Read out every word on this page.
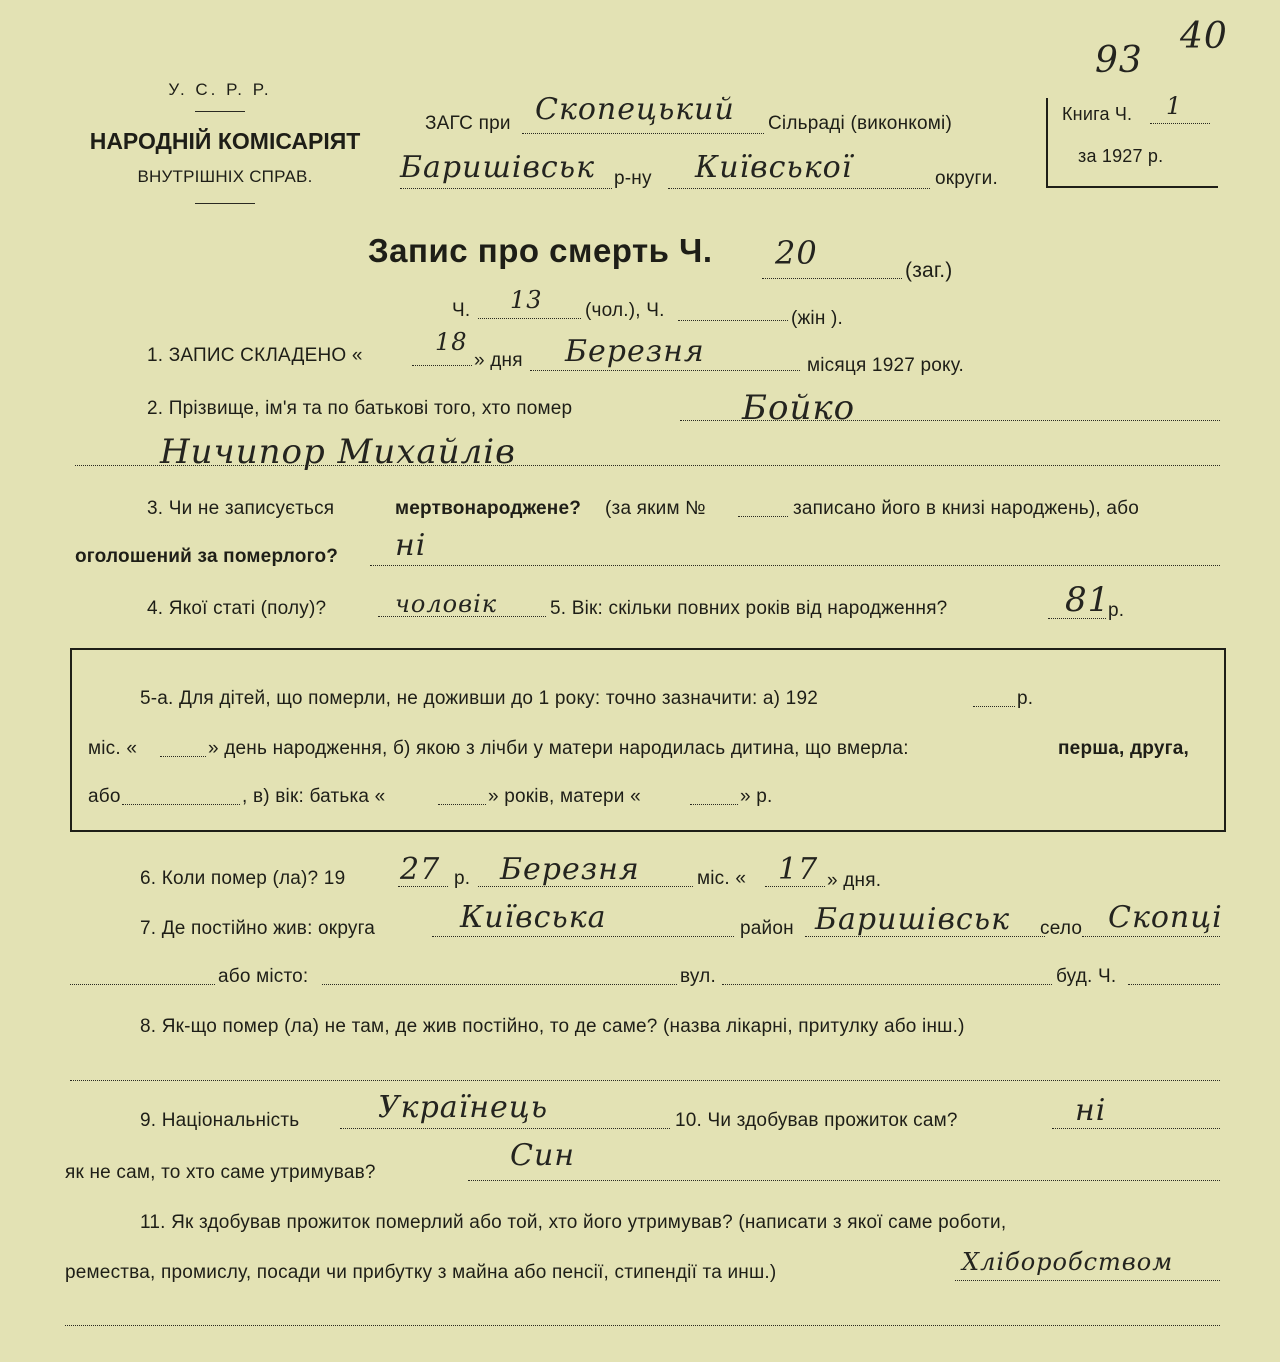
У. С. Р. Р.
НАРОДНІЙ КОМІСАРІЯТ
ВНУТРІШНІХ СПРАВ.
93
40
Книга Ч. 1
за 1927 р.
ЗАГС при Скопецький Сільраді (виконкомі)
Баришівськ р-ну Київської	округи.
Запис про смерть Ч. 20	(заг.)
Ч. 13 (чол.), Ч.	(жін ).
1. ЗАПИС СКЛАДЕНО «	18
» дня Березня	місяця 1927 року.
2. Прізвище, ім'я та по батькові того, хто помер	Бойко
Ничипор Михайлів
3. Чи не записується	мертвонароджене? (за яким №	записано його в книзі народжень), або
оголошений за померлого? ні
4. Якої статі (полу)?	чоловік	5. Вік: скільки повних років від народження?	81
р.
5-а. Для дітей, що померли, не доживши до 1 року: точно зазначити: а) 192	р.
міс. «	» день народження, б) якою з лічби у матери народилась дитина, що вмерла:	перша, друга,
або	, в) вік: батька «	» років, матери «	» р.
6. Коли помер (ла)? 19 27 р. Березня	міс. « 17 » дня.
7. Де постійно жив: округа	Київська	район Баришівськ село Скопці
або місто:	вул.	буд. Ч.
8. Як-що помер (ла) не там, де жив постійно, то де саме? (назва лікарні, притулку або інш.)
9. Національність	Українець	10. Чи здобував прожиток сам?	ні
як не сам, то хто саме утримував?	Син
11. Як здобував прожиток померлий або той, хто його утримував? (написати з якої саме роботи,
ремества, промислу, посади чи прибутку з майна або пенсії, стипендії та инш.)	Хліборобством
